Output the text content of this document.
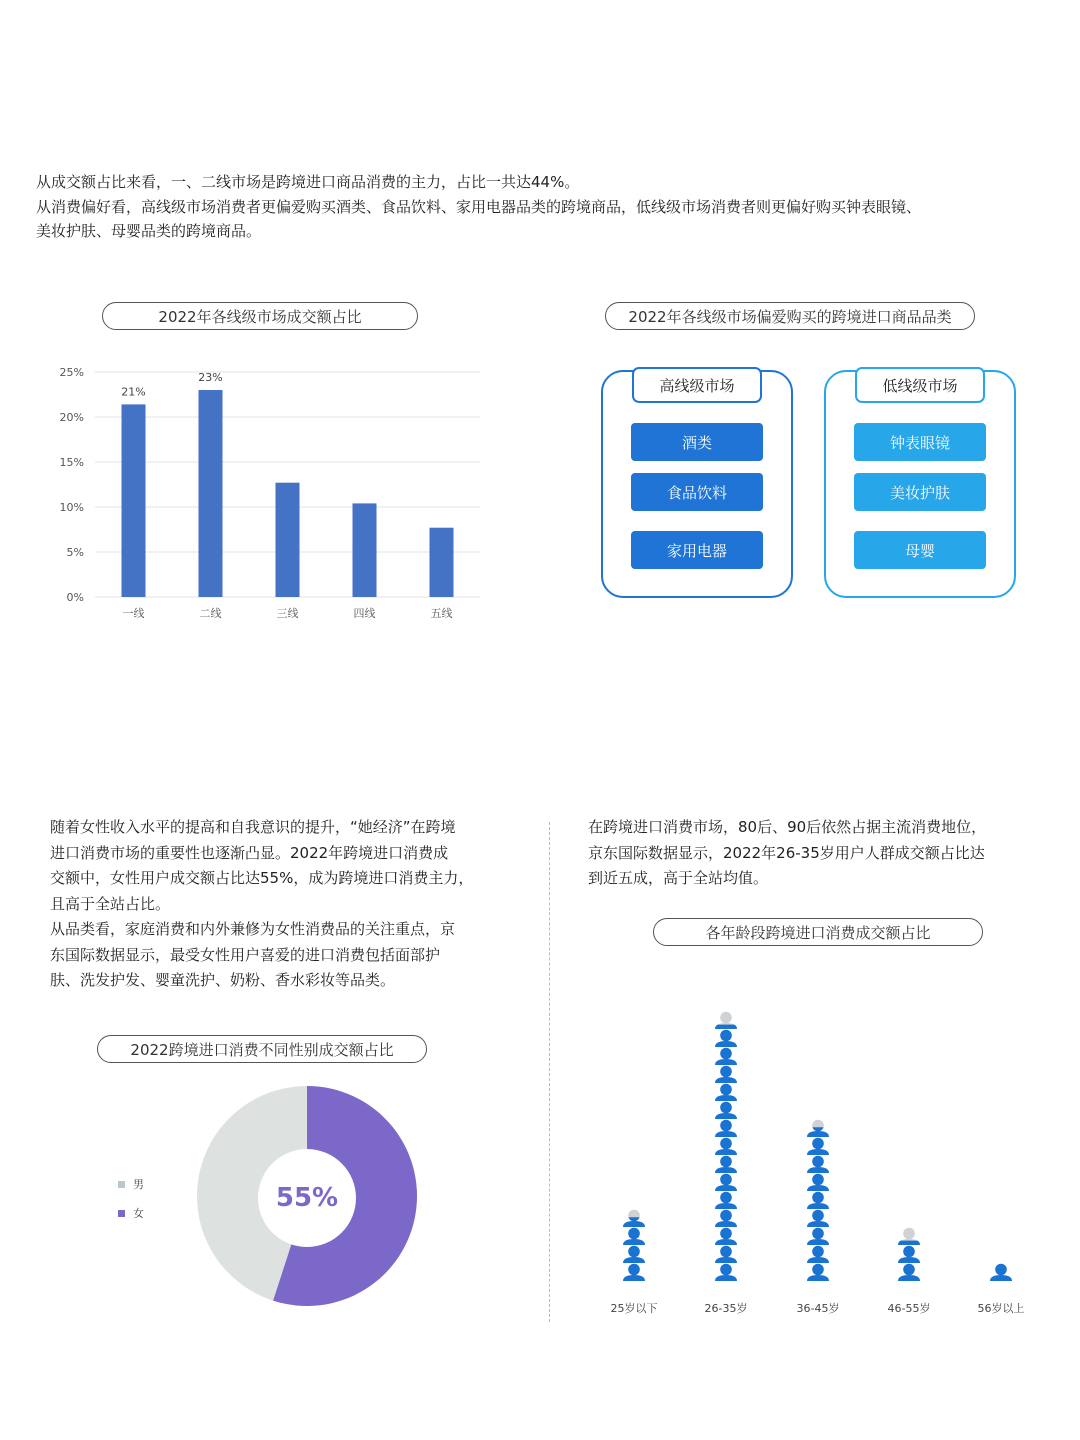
从成交额占比来看，一、二线市场是跨境进口商品消费的主力，占比一共达44%。

从消费偏好看，高线级市场消费者更偏爱购买酒类、食品饮料、家用电器品类的跨境商品，低线级市场消费者则更偏好购买钟表眼镜、

美妆护肤、母婴品类的跨境商品。

2022年各线级市场成交额占比
0%
5%
10%
15%
20%
25%
一线
21%
二线
23%
三线	四线	五线
2022年各线级市场偏爱购买的跨境进口商品品类
高线级市场
酒类
食品饮料
家用电器
低线级市场
钟表眼镜
美妆护肤
母婴

随着女性收入水平的提高和自我意识的提升，“她经济”在跨境

进口消费市场的重要性也逐渐凸显。2022年跨境进口消费成

交额中，女性用户成交额占比达55%，成为跨境进口消费主力，

且高于全站占比。

从品类看，家庭消费和内外兼修为女性消费品的关注重点，京

东国际数据显示，最受女性用户喜爱的进口消费包括面部护

肤、洗发护发、婴童洗护、奶粉、香水彩妆等品类。

在跨境进口消费市场，80后、90后依然占据主流消费地位，

京东国际数据显示，2022年26-35岁用户人群成交额占比达

到近五成，高于全站均值。

2022跨境进口消费不同性别成交额占比
55%
男
女
各年龄段跨境进口消费成交额占比
25岁以下	26-35岁	36-45岁	46-55岁	56岁以上
